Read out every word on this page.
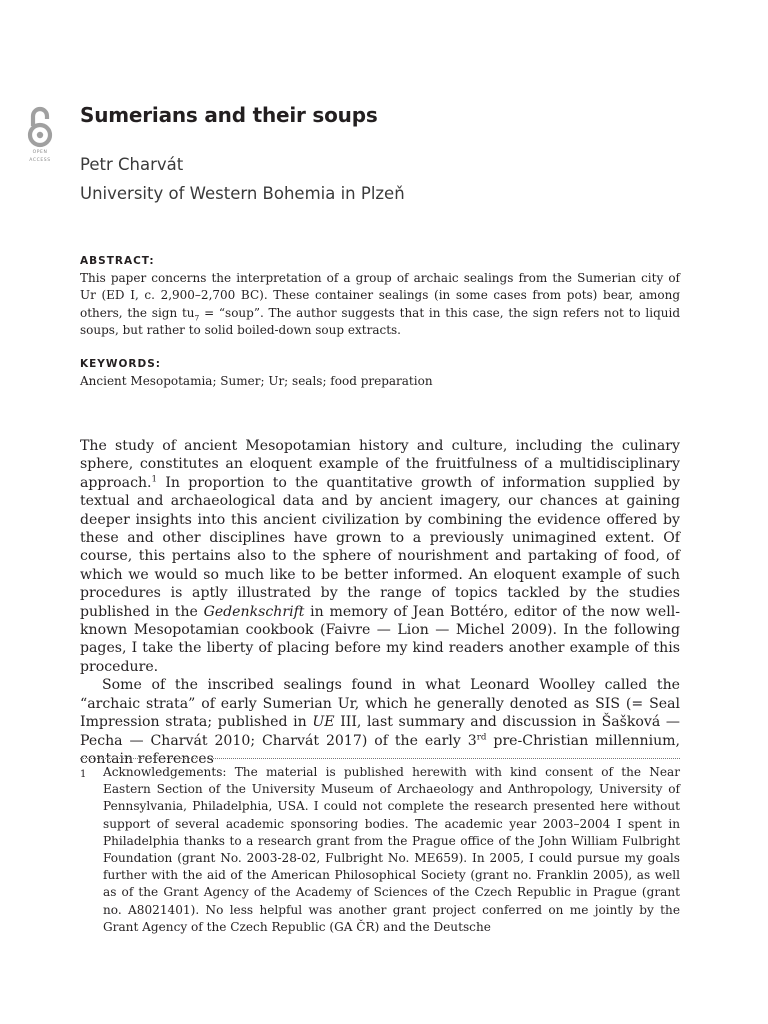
OPEN
ACCESS
Sumerians and their soups
Petr Charvát
University of Western Bohemia in Plzeň
ABSTRACT:
This paper concerns the interpretation of a group of archaic sealings from the Sumerian city of Ur (ED I, c. 2,900–2,700 BC). These container sealings (in some cases from pots) bear, among others, the sign $tu_7$ = “soup”. The author suggests that in this case, the sign refers not to liquid soups, but rather to solid boiled-down soup extracts.
KEYWORDS:
Ancient Mesopotamia; Sumer; Ur; seals; food preparation

The study of ancient Mesopotamian history and culture, including the culinary sphere, constitutes an eloquent example of the fruitfulness of a multidisciplinary approach.$^1$ In proportion to the quantitative growth of information supplied by textual and archaeological data and by ancient imagery, our chances at gaining deeper insights into this ancient civilization by combining the evidence offered by these and other disciplines have grown to a previously unimagined extent. Of course, this pertains also to the sphere of nourishment and partaking of food, of which we would so much like to be better informed. An eloquent example of such procedures is aptly illustrated by the range of topics tackled by the studies published in the Gedenkschrift in memory of Jean Bottéro, editor of the now well-known Mesopotamian cookbook (Faivre — Lion — Michel 2009). In the following pages, I take the liberty of placing before my kind readers another example of this procedure.

Some of the inscribed sealings found in what Leonard Woolley called the “archaic strata” of early Sumerian Ur, which he generally denoted as SIS (= Seal Impression strata; published in UE III, last summary and discussion in Šašková — Pecha — Charvát 2010; Charvát 2017) of the early 3rd pre-Christian millennium, contain references

1 Acknowledgements: The material is published herewith with kind consent of the Near Eastern Section of the University Museum of Archaeology and Anthropology, University of Pennsylvania, Philadelphia, USA. I could not complete the research presented here without support of several academic sponsoring bodies. The academic year 2003–2004 I spent in Philadelphia thanks to a research grant from the Prague office of the John William Fulbright Foundation (grant No. 2003-28-02, Fulbright No. ME659). In 2005, I could pursue my goals further with the aid of the American Philosophical Society (grant no. Franklin 2005), as well as of the Grant Agency of the Academy of Sciences of the Czech Republic in Prague (grant no. A8021401). No less helpful was another grant project conferred on me jointly by the Grant Agency of the Czech Republic (GA ČR) and the Deutsche
